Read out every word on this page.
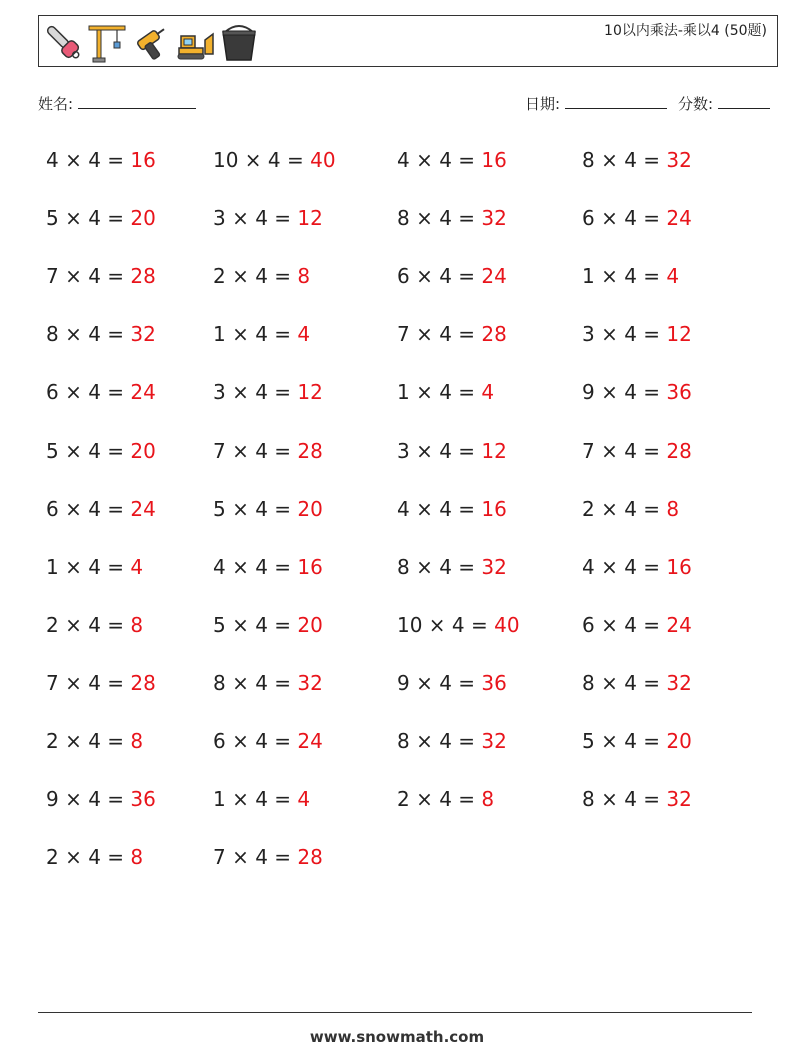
10以内乘法-乘以4 (50题)
姓名:	日期:	分数:
4 × 4 = 16	10 × 4 = 40	4 × 4 = 16	8 × 4 = 32
5 × 4 = 20	3 × 4 = 12	8 × 4 = 32	6 × 4 = 24
7 × 4 = 28	2 × 4 = 8	6 × 4 = 24	1 × 4 = 4
8 × 4 = 32	1 × 4 = 4	7 × 4 = 28	3 × 4 = 12
6 × 4 = 24	3 × 4 = 12	1 × 4 = 4	9 × 4 = 36
5 × 4 = 20	7 × 4 = 28	3 × 4 = 12	7 × 4 = 28
6 × 4 = 24	5 × 4 = 20	4 × 4 = 16	2 × 4 = 8
1 × 4 = 4	4 × 4 = 16	8 × 4 = 32	4 × 4 = 16
2 × 4 = 8	5 × 4 = 20	10 × 4 = 40	6 × 4 = 24
7 × 4 = 28	8 × 4 = 32	9 × 4 = 36	8 × 4 = 32
2 × 4 = 8	6 × 4 = 24	8 × 4 = 32	5 × 4 = 20
9 × 4 = 36	1 × 4 = 4	2 × 4 = 8	8 × 4 = 32
2 × 4 = 8	7 × 4 = 28
www.snowmath.com
